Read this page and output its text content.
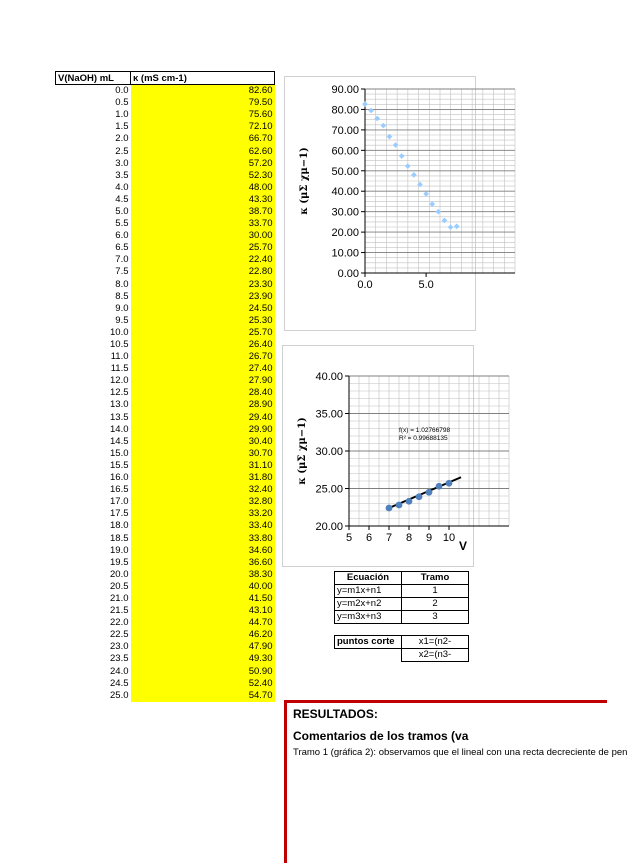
V(NaOH) mL	κ (mS cm-1)
0.0	82.60
0.5	79.50
1.0	75.60
1.5	72.10
2.0	66.70
2.5	62.60
3.0	57.20
3.5	52.30
4.0	48.00
4.5	43.30
5.0	38.70
5.5	33.70
6.0	30.00
6.5	25.70
7.0	22.40
7.5	22.80
8.0	23.30
8.5	23.90
9.0	24.50
9.5	25.30
10.0	25.70
10.5	26.40
11.0	26.70
11.5	27.40
12.0	27.90
12.5	28.40
13.0	28.90
13.5	29.40
14.0	29.90
14.5	30.40
15.0	30.70
15.5	31.10
16.0	31.80
16.5	32.40
17.0	32.80
17.5	33.20
18.0	33.40
18.5	33.80
19.0	34.60
19.5	36.60
20.0	38.30
20.5	40.00
21.0	41.50
21.5	43.10
22.0	44.70
22.5	46.20
23.0	47.90
23.5	49.30
24.0	50.90
24.5	52.40
25.0	54.70
0.00
10.00
20.00
30.00
40.00
50.00
60.00
70.00
80.00
90.00
0.0	5.0
κ (μΣ χμ−1)
20.00
25.00
30.00
35.00
40.00
5 6 7 8 9 10
κ (μΣ χμ−1)	f(x) = 1.02766798
R² = 0.99688135
V
Ecuación	Tramo
y=m1x+n1	1
y=m2x+n2	2
y=m3x+n3	3
puntos corte	x1=(n2-
	x2=(n3-
RESULTADOS:
Comentarios de los tramos (va
Tramo 1 (gráfica 2): observamos que el lineal con una recta decreciente de pen
